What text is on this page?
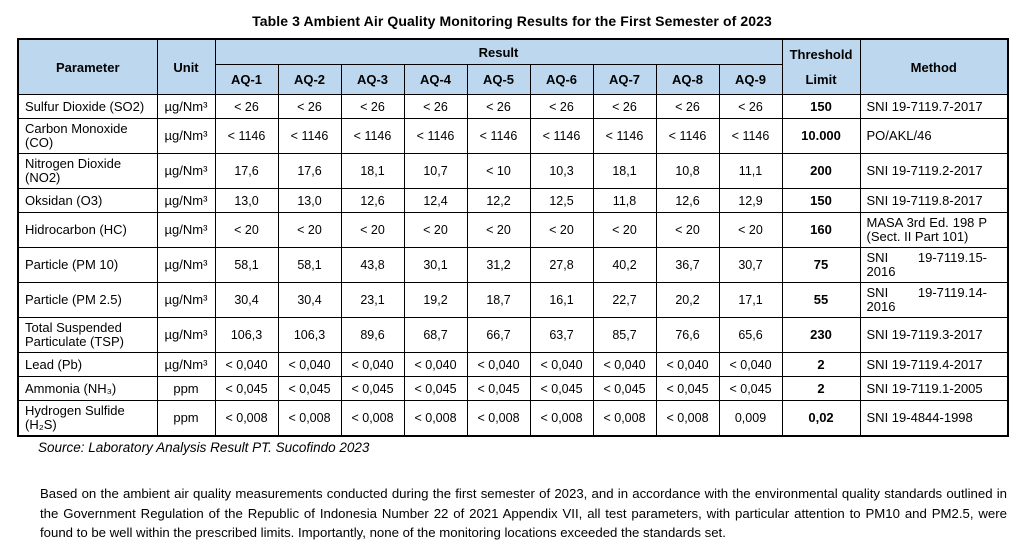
Table 3 Ambient Air Quality Monitoring Results for the First Semester of 2023
Parameter	Unit	Result									Threshold Limit	Method
		AQ-1	AQ-2	AQ-3	AQ-4	AQ-5	AQ-6	AQ-7	AQ-8	AQ-9		
Sulfur Dioxide (SO2)	µg/Nm³	< 26	< 26	< 26	< 26	< 26	< 26	< 26	< 26	< 26	150	SNI 19-7119.7-2017
Carbon Monoxide (CO)	µg/Nm³	< 1146	< 1146	< 1146	< 1146	< 1146	< 1146	< 1146	< 1146	< 1146	10.000	PO/AKL/46
Nitrogen Dioxide (NO2)	µg/Nm³	17,6	17,6	18,1	10,7	< 10	10,3	18,1	10,8	11,1	200	SNI 19-7119.2-2017
Oksidan (O3)	µg/Nm³	13,0	13,0	12,6	12,4	12,2	12,5	11,8	12,6	12,9	150	SNI 19-7119.8-2017
Hidrocarbon (HC)	µg/Nm³	< 20	< 20	< 20	< 20	< 20	< 20	< 20	< 20	< 20	160	MASA 3rd Ed. 198 P (Sect. II Part 101)
Particle (PM 10)	µg/Nm³	58,1	58,1	43,8	30,1	31,2	27,8	40,2	36,7	30,7	75	SNI 19-7119.15-2016
Particle (PM 2.5)	µg/Nm³	30,4	30,4	23,1	19,2	18,7	16,1	22,7	20,2	17,1	55	SNI 19-7119.14-2016
Total Suspended Particulate (TSP)	µg/Nm³	106,3	106,3	89,6	68,7	66,7	63,7	85,7	76,6	65,6	230	SNI 19-7119.3-2017
Lead (Pb)	µg/Nm³	< 0,040	< 0,040	< 0,040	< 0,040	< 0,040	< 0,040	< 0,040	< 0,040	< 0,040	2	SNI 19-7119.4-2017
Ammonia (NH₃)	ppm	< 0,045	< 0,045	< 0,045	< 0,045	< 0,045	< 0,045	< 0,045	< 0,045	< 0,045	2	SNI 19-7119.1-2005
Hydrogen Sulfide (H₂S)	ppm	< 0,008	< 0,008	< 0,008	< 0,008	< 0,008	< 0,008	< 0,008	< 0,008	0,009	0,02	SNI 19-4844-1998
Source: Laboratory Analysis Result PT. Sucofindo 2023
Based on the ambient air quality measurements conducted during the first semester of 2023, and in accordance with the environmental quality standards outlined in the Government Regulation of the Republic of Indonesia Number 22 of 2021 Appendix VII, all test parameters, with particular attention to PM10 and PM2.5, were found to be well within the prescribed limits. Importantly, none of the monitoring locations exceeded the standards set.
